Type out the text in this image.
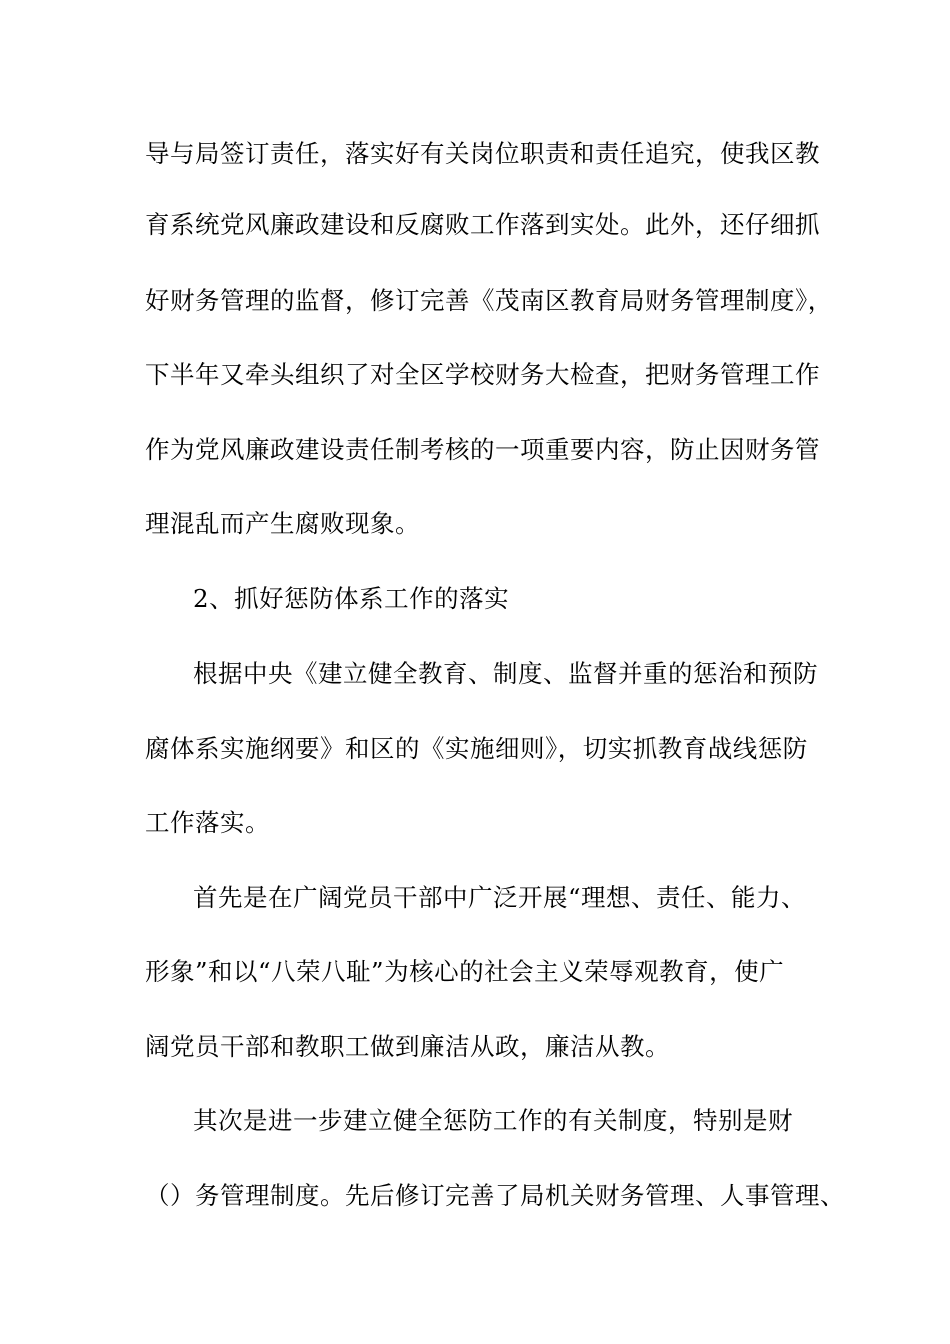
导与局签订责任，落实好有关岗位职责和责任追究，使我区教
育系统党风廉政建设和反腐败工作落到实处。此外，还仔细抓
好财务管理的监督，修订完善《茂南区教育局财务管理制度》，
下半年又牵头组织了对全区学校财务大检查，把财务管理工作
作为党风廉政建设责任制考核的一项重要内容，防止因财务管
理混乱而产生腐败现象。
2、抓好惩防体系工作的落实
根据中央《建立健全教育、制度、监督并重的惩治和预防
腐体系实施纲要》和区的《实施细则》，切实抓教育战线惩防
工作落实。
首先是在广阔党员干部中广泛开展“理想、责任、能力、
形象”和以“八荣八耻”为核心的社会主义荣辱观教育，使广
阔党员干部和教职工做到廉洁从政，廉洁从教。
其次是进一步建立健全惩防工作的有关制度，特别是财
（）务管理制度。先后修订完善了局机关财务管理、人事管理、
